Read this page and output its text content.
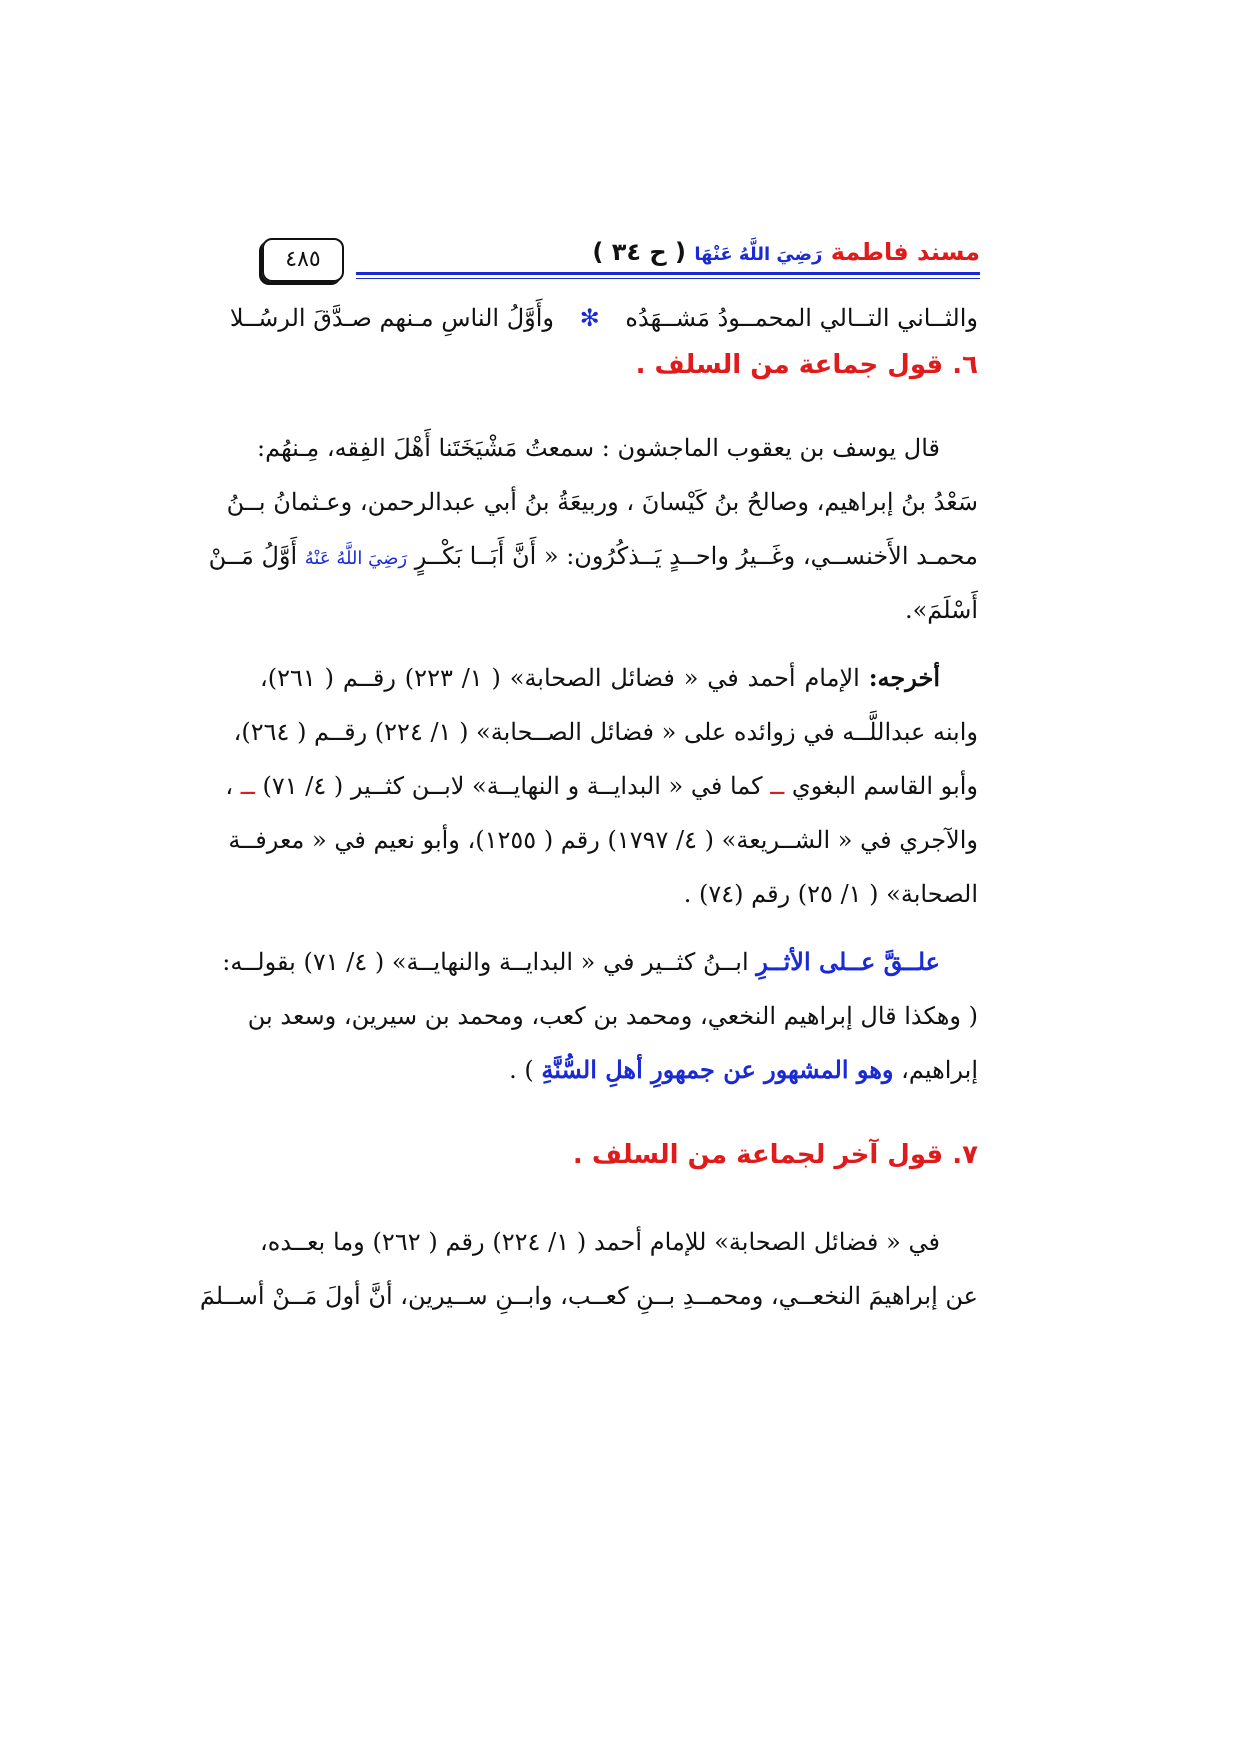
مسند فاطمة رَضِيَ اللَّهُ عَنْهَا ( ح ٣٤ )
٤٨٥
والثــاني التــالي المحمــودُ مَشــهَدُه ✻ وأَوَّلُ الناسِ مـنهم صـدَّقَ الرسُــلا
٦. قول جماعة من السلف .
قال يوسف بن يعقوب الماجشون : سمعتُ مَشْيَخَتَنا أَهْلَ الفِقه، مِـنهُم:
سَعْدُ بنُ إبراهيم، وصالحُ بنُ كَيْسانَ ، وربيعَةُ بنُ أبي عبدالرحمن، وعـثمانُ بــنُ
محمـد الأَخنســي، وغَــيرُ واحــدٍ يَــذكُرُون: « أَنَّ أَبَــا بَكْــرٍ رَضِيَ اللَّهُ عَنْهُ أَوَّلُ مَــنْ
أَسْلَمَ».
أخرجه: الإمام أحمد في « فضائل الصحابة» ( ١/ ٢٢٣) رقــم ( ٢٦١)،
وابنه عبداللَّــه في زوائده على « فضائل الصــحابة» ( ١/ ٢٢٤) رقــم ( ٢٦٤)،
وأبو القاسم البغوي ــ كما في « البدايــة و النهايــة» لابــن كثــير ( ٤/ ٧١) ــ ،
والآجري في « الشــريعة» ( ٤/ ١٧٩٧) رقم ( ١٢٥٥)، وأبو نعيم في « معرفــة
الصحابة» ( ١/ ٢٥) رقم (٧٤) .
علــقَّ عــلى الأثــرِ ابــنُ كثــير في « البدايــة والنهايــة» ( ٤/ ٧١) بقولــه:
( وهكذا قال إبراهيم النخعي، ومحمد بن كعب، ومحمد بن سيرين، وسعد بن
إبراهيم، وهو المشهور عن جمهورِ أهلِ السُّنَّةِ ) .
٧. قول آخر لجماعة من السلف .
في « فضائل الصحابة» للإمام أحمد ( ١/ ٢٢٤) رقم ( ٢٦٢) وما بعــده،
عن إبراهيمَ النخعــي، ومحمــدِ بــنِ كعــب، وابــنِ ســيرين، أنَّ أولَ مَــنْ أســلمَ
